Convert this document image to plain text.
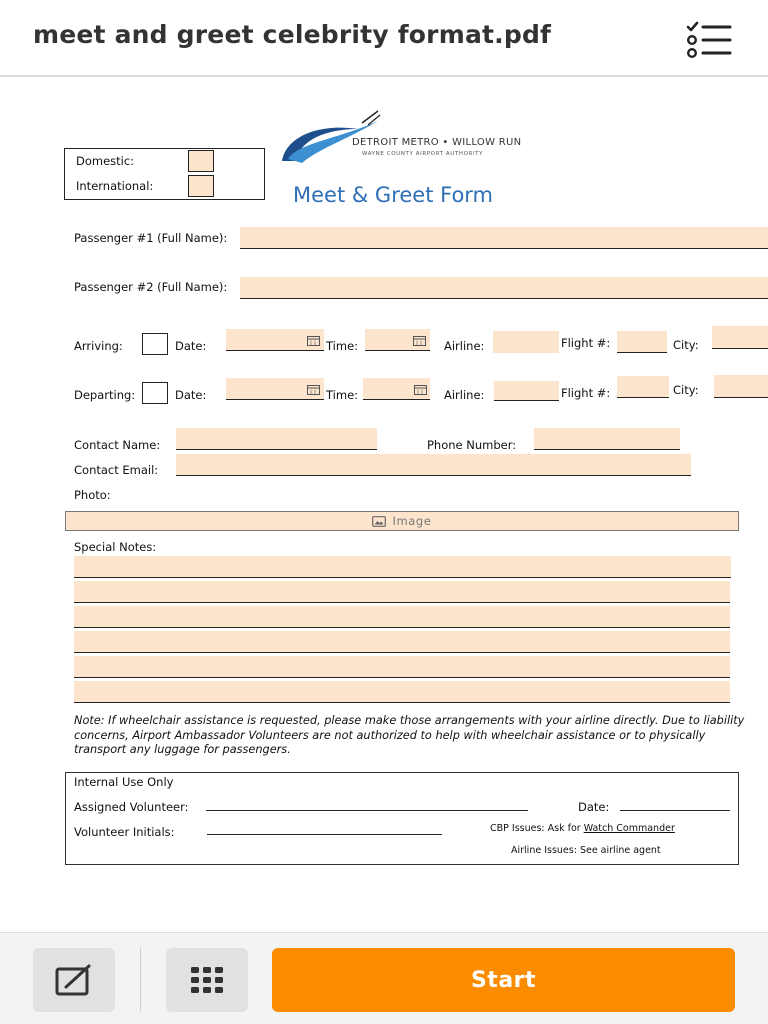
meet and greet celebrity format.pdf
Domestic:
International:
DETROIT METRO • WILLOW RUN
WAYNE COUNTY AIRPORT AUTHORITY
Meet & Greet Form
Passenger #1 (Full Name):
Passenger #2 (Full Name):
Arriving:	Date:	Time:	Airline:	Flight #:	City:
Departing:	Date:	Time:	Airline:	Flight #:	City:
Contact Name:	Phone Number:
Contact Email:
Photo:
Image
Special Notes:
Note: If wheelchair assistance is requested, please make those arrangements with your airline directly. Due to liability concerns, Airport Ambassador Volunteers are not authorized to help with wheelchair assistance or to physically transport any luggage for passengers.
Internal Use Only
Assigned Volunteer:	Date:
Volunteer Initials:	CBP Issues: Ask for Watch Commander
Airline Issues: See airline agent
Start
